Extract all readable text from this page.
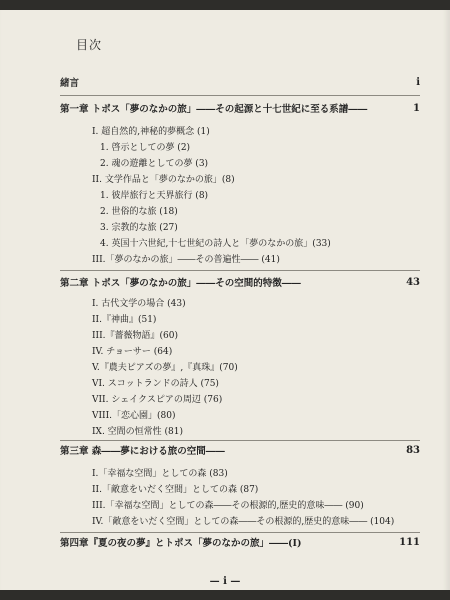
目次
緒言	i
第一章 トポス「夢のなかの旅」――その起源と十七世紀に至る系譜――	1
I. 超自然的,神秘的夢概念 (1)
1. 啓示としての夢 (2)
2. 魂の遊離としての夢 (3)
II. 文学作品と「夢のなかの旅」(8)
1. 彼岸旅行と天界旅行 (8)
2. 世俗的な旅 (18)
3. 宗教的な旅 (27)
4. 英国十六世紀,十七世紀の詩人と「夢のなかの旅」(33)
III.「夢のなかの旅」――その普遍性―― (41)
第二章 トポス「夢のなかの旅」――その空間的特徴――	43
I. 古代文学の場合 (43)
II.『神曲』(51)
III.『薔薇物語』(60)
IV. チョーサー (64)
V.『農夫ピアズの夢』,『真珠』(70)
VI. スコットランドの詩人 (75)
VII. シェイクスピアの周辺 (76)
VIII.「恋心園」(80)
IX. 空間の恒常性 (81)
第三章 森――夢における旅の空間――	83
I.「幸福な空間」としての森 (83)
II.「敵意をいだく空間」としての森 (87)
III.「幸福な空間」としての森――その根源的,歴史的意味―― (90)
IV.「敵意をいだく空間」としての森――その根源的,歴史的意味―― (104)
第四章『夏の夜の夢』とトポス「夢のなかの旅」――(I)	111
— i —
